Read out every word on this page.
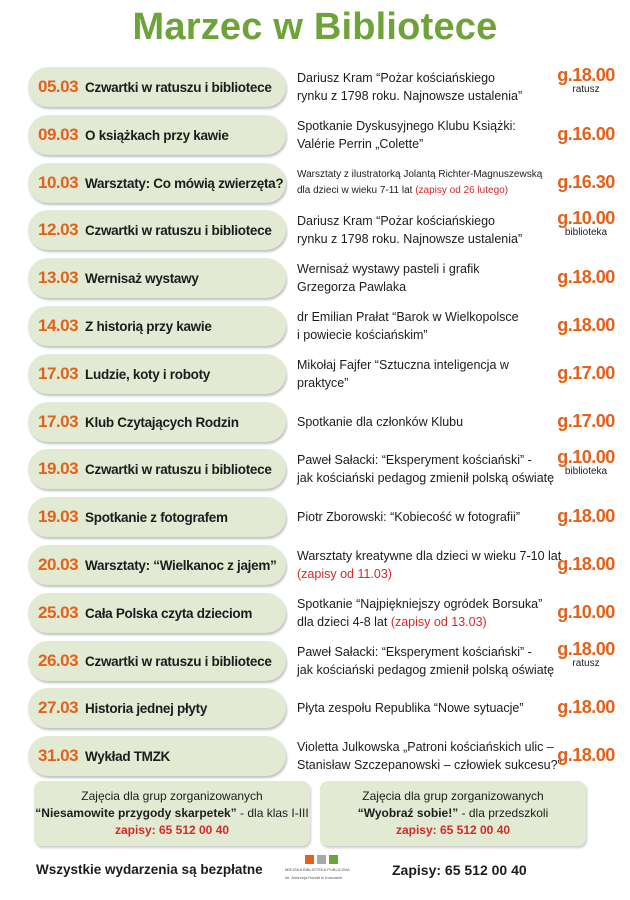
Marzec w Bibliotece
05.03 Czwartki w ratuszu i bibliotece
Dariusz Kram “Pożar kościańskiego
rynku z 1798 roku. Najnowsze ustalenia”
g.18.00
ratusz
09.03 O książkach przy kawie
Spotkanie Dyskusyjnego Klubu Książki:
Valérie Perrin „Colette”	g.16.00
10.03 Warsztaty: Co mówią zwierzęta?
Warsztaty z ilustratorką Jolantą Richter-Magnuszewską
dla dzieci w wieku 7-11 lat (zapisy od 26 lutego)	g.16.30
12.03 Czwartki w ratuszu i bibliotece
Dariusz Kram “Pożar kościańskiego
rynku z 1798 roku. Najnowsze ustalenia”
g.10.00
biblioteka
13.03 Wernisaż wystawy
Wernisaż wystawy pasteli i grafik
Grzegorza Pawlaka	g.18.00
14.03 Z historią przy kawie
dr Emilian Prałat “Barok w Wielkopolsce
i powiecie kościańskim”	g.18.00
17.03 Ludzie, koty i roboty
Mikołaj Fajfer “Sztuczna inteligencja w
praktyce”	g.17.00
17.03 Klub Czytających Rodzin	Spotkanie dla członków Klubu	g.17.00
19.03 Czwartki w ratuszu i bibliotece
Paweł Sałacki: “Eksperyment kościański” -
jak kościański pedagog zmienił polską oświatę
g.10.00
biblioteka
19.03 Spotkanie z fotografem	Piotr Zborowski: “Kobiecość w fotografii”	g.18.00
20.03 Warsztaty: “Wielkanoc z jajem”
Warsztaty kreatywne dla dzieci w wieku 7-10 lat
(zapisy od 11.03)	g.18.00
25.03 Cała Polska czyta dzieciom
Spotkanie “Najpiękniejszy ogródek Borsuka”
dla dzieci 4-8 lat (zapisy od 13.03)	g.10.00
26.03 Czwartki w ratuszu i bibliotece
Paweł Sałacki: “Eksperyment kościański” -
jak kościański pedagog zmienił polską oświatę
g.18.00
ratusz
27.03 Historia jednej płyty	Płyta zespołu Republika “Nowe sytuacje”	g.18.00
31.03 Wykład TMZK
Violetta Julkowska „Patroni kościańskich ulic –
Stanisław Szczepanowski – człowiek sukcesu?”
g.18.00
Zajęcia dla grup zorganizowanych
“Niesamowite przygody skarpetek” - dla klas I-III
zapisy: 65 512 00 40
Zajęcia dla grup zorganizowanych
“Wyobraź sobie!” - dla przedszkoli
zapisy: 65 512 00 40
Wszystkie wydarzenia są bezpłatne	MIEJSKA BIBLIOTEKA PUBLICZNA
im. Andrzeja Horstā w Kościanie	Zapisy: 65 512 00 40
